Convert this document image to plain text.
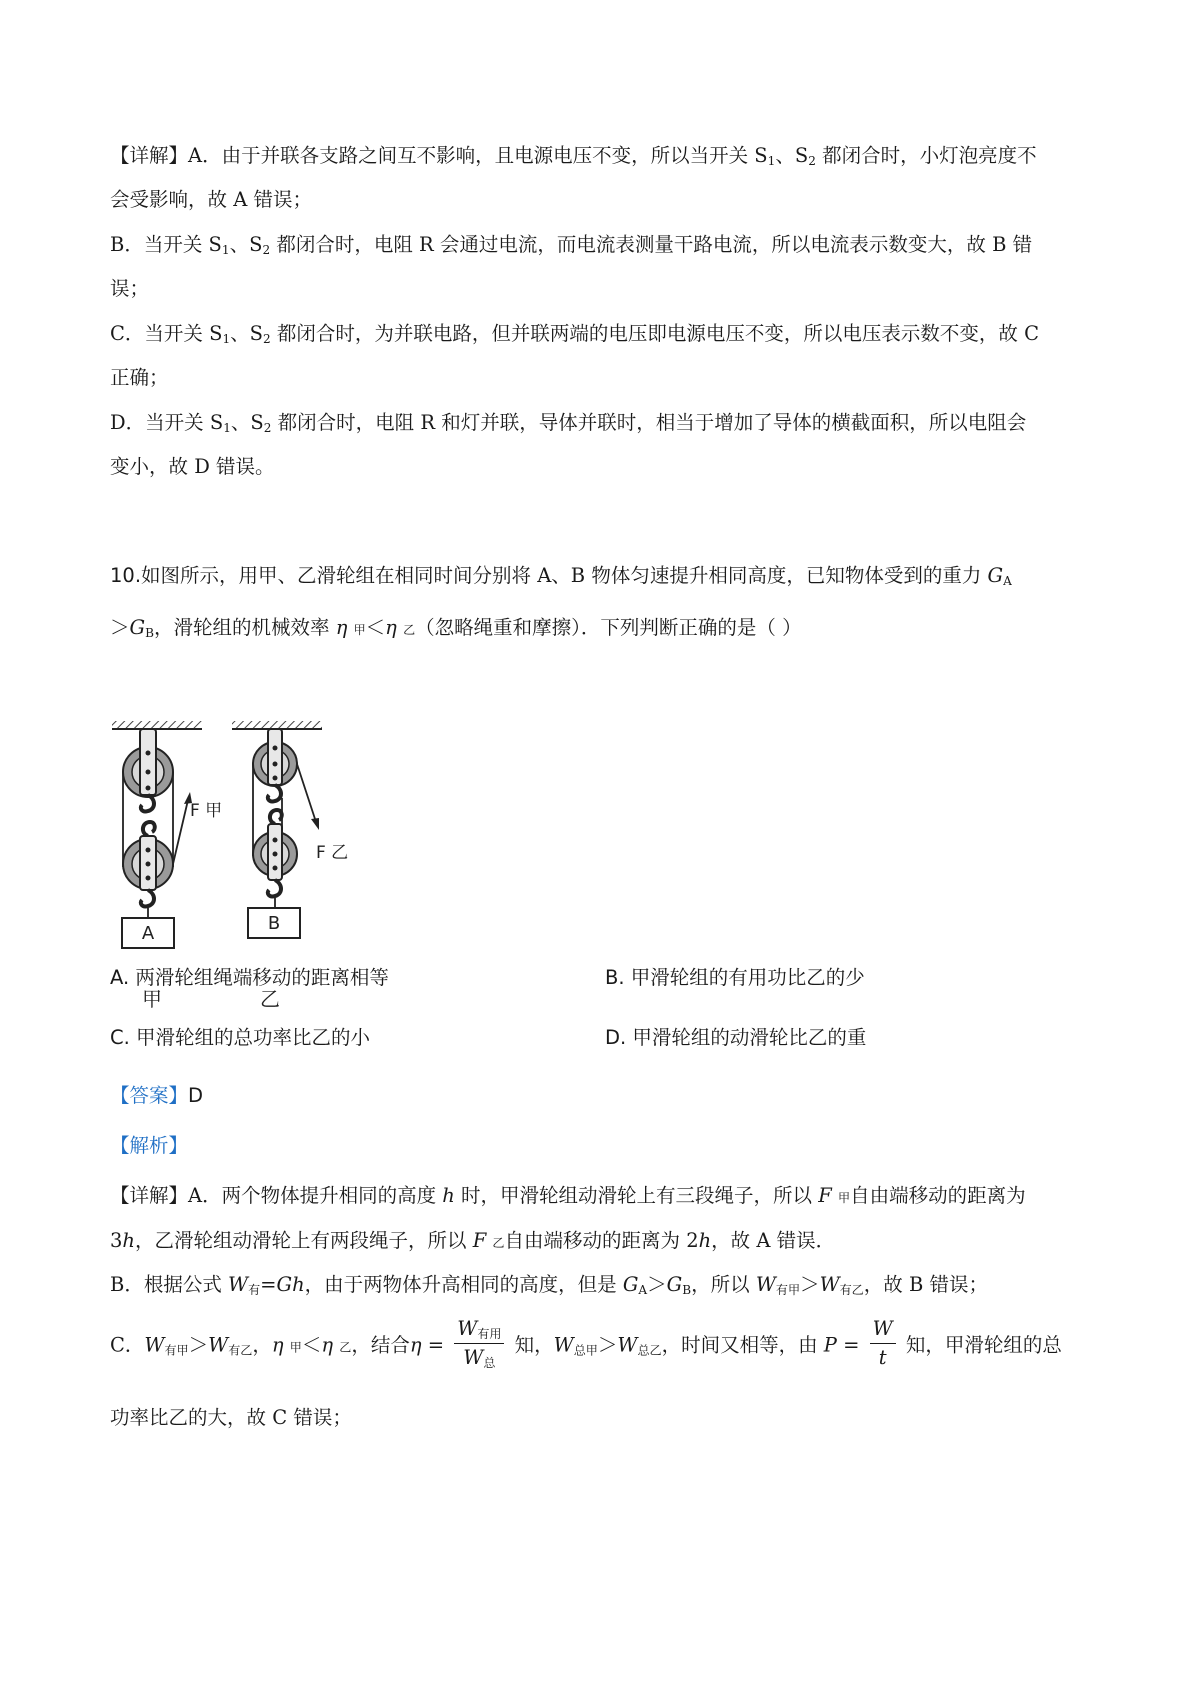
【详解】A．由于并联各支路之间互不影响，且电源电压不变，所以当开关 $S_1$、$S_2$ 都闭合时，小灯泡亮度不
会受影响，故 A 错误；
B．当开关 $S_1$、$S_2$ 都闭合时，电阻 R 会通过电流，而电流表测量干路电流，所以电流表示数变大，故 B 错
误；
C．当开关 $S_1$、$S_2$ 都闭合时，为并联电路，但并联两端的电压即电源电压不变，所以电压表示数不变，故 C
正确；
D．当开关 $S_1$、$S_2$ 都闭合时，电阻 R 和灯并联，导体并联时，相当于增加了导体的横截面积，所以电阻会
变小，故 D 错误。
10.如图所示，用甲、乙滑轮组在相同时间分别将 A、B 物体匀速提升相同高度，已知物体受到的重力 $G_A$
$>G_B$，滑轮组的机械效率 η 甲＜η 乙（忽略绳重和摩擦）．下列判断正确的是（ ）
F 甲
A
甲
F 乙
B
乙
A. 两滑轮组绳端移动的距离相等	B. 甲滑轮组的有用功比乙的少
C. 甲滑轮组的总功率比乙的小	D. 甲滑轮组的动滑轮比乙的重
【答案】D
【解析】
【详解】A．两个物体提升相同的高度 h 时，甲滑轮组动滑轮上有三段绳子，所以 F 甲自由端移动的距离为
3h，乙滑轮组动滑轮上有两段绳子，所以 F 乙自由端移动的距离为 2h，故 A 错误．
B．根据公式 $W_有=Gh$，由于两物体升高相同的高度，但是 $G_A>G_B$，所以 $W_{有甲}>W_{有乙}$，故 B 错误；
C．$W_{有甲}>W_{有乙}$，η 甲＜η 乙，结合$\eta = \frac{W_{有用}}{W_总}$ 知，$W_{总甲}>W_{总乙}$，时间又相等，由 $P = \frac{W}{t}$ 知，甲滑轮组的总
功率比乙的大，故 C 错误；
